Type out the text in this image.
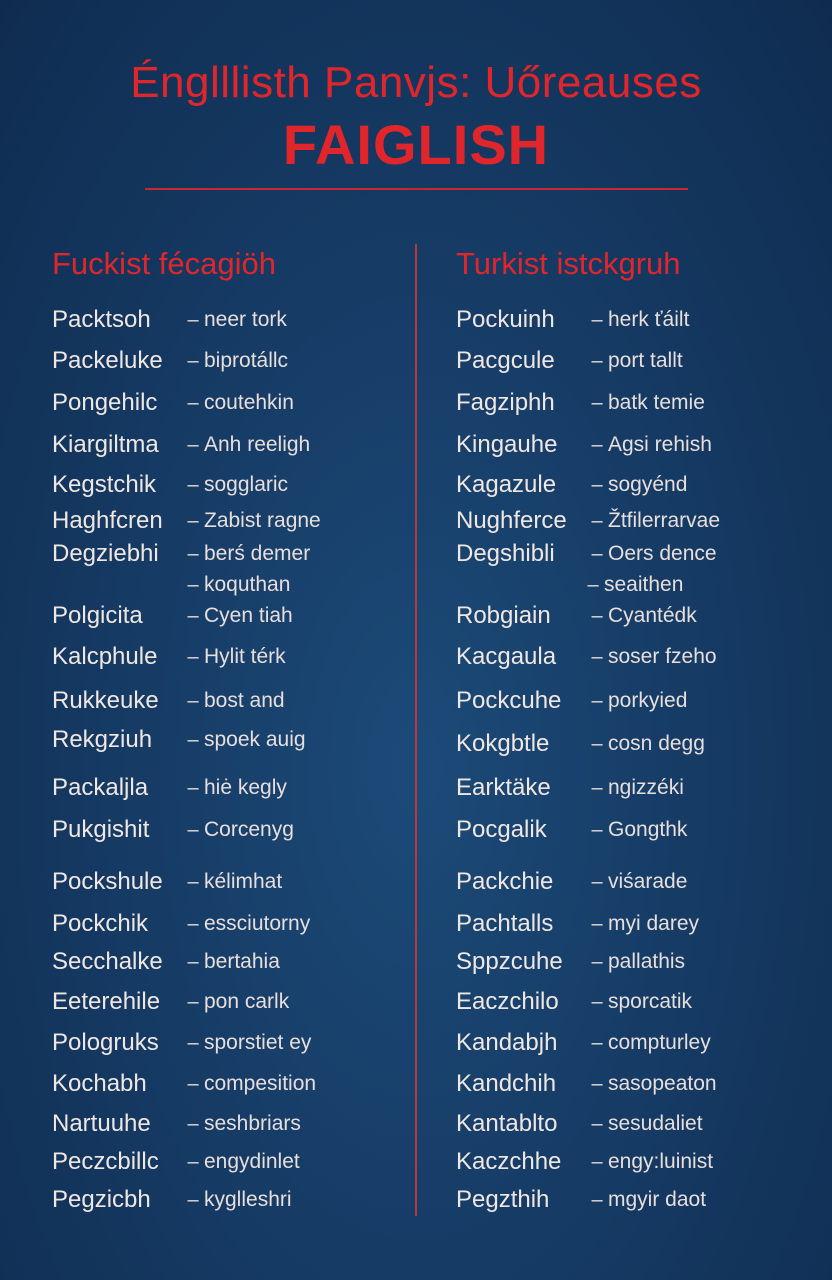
Énglllisth Panvjs: Uőreauses
FAIGLISH
Fuckist fécagiöh
Packtsoh	– neer tork
Packeluke	– biprotállc
Pongehilc	– coutehkin
Kiargiltma	– Anh reeligh
Kegstchik	– sogglaric
Haghfcren	– Zabist ragne
Degziebhi	– berś demer
– koquthan
Polgicita	– Cyen tiah
Kalcphule	– Hylit térk
Rukkeuke	– bost and
Rekgziuh	– spoek auig
Packaljla	– hiė kegly
Pukgishit	– Corcenyg
Pockshule	– kélimhat
Pockchik	– essciutorny
Secchalke	– bertahia
Eeterehile	– pon carlk
Pologruks	– sporstiet ey
Kochabh	– compesition
Nartuuhe	– seshbriars
Peczcbillc	– engydinlet
Pegzicbh	– kyglleshri
Turkist istckgruh
Pockuinh	– herk ťáilt
Pacgcule	– port tallt
Fagziphh	– batk temie
Kingauhe	– Agsi rehish
Kagazule	– sogyénd
Nughferce	– Žtfilerrarvae
Degshibli	– Oers dence
– seaithen
Robgiain	– Cyantédk
Kacgaula	– soser fzeho
Pockcuhe	– porkyied
Kokgbtle	– cosn degg
Earktäke	– ngizzéki
Pocgalik	– Gongthk
Packchie	– viśarade
Pachtalls	– myi darey
Sppzcuhe	– pallathis
Eaczchilo	– sporcatik
Kandabjh	– compturley
Kandchih	– sasopeaton
Kantablto	– sesudaliet
Kaczchhe	– engy:luinist
Pegzthih	– mgyir daot
